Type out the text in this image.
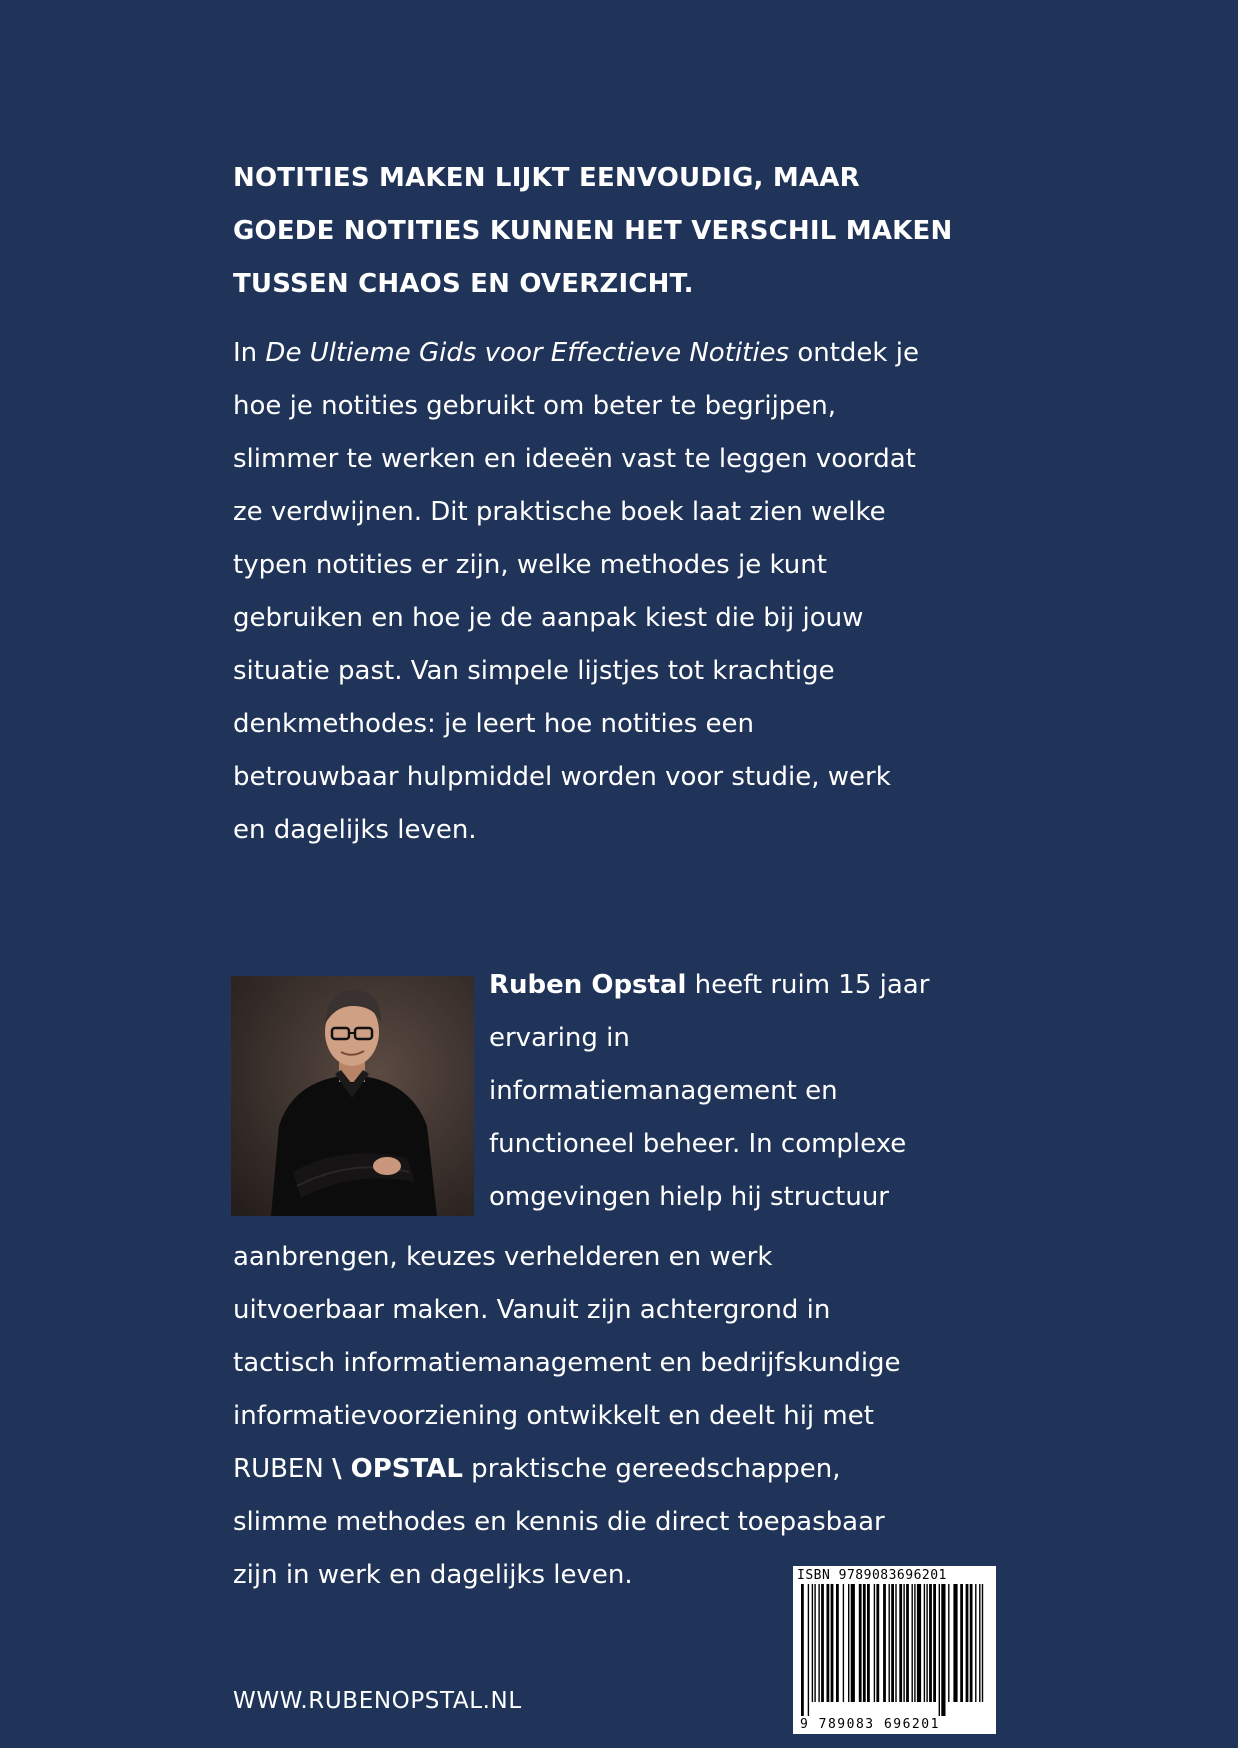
NOTITIES MAKEN LIJKT EENVOUDIG, MAAR
GOEDE NOTITIES KUNNEN HET VERSCHIL MAKEN
TUSSEN CHAOS EN OVERZICHT.

In De Ultieme Gids voor Effectieve Notities ontdek je
hoe je notities gebruikt om beter te begrijpen,
slimmer te werken en ideeën vast te leggen voordat
ze verdwijnen. Dit praktische boek laat zien welke
typen notities er zijn, welke methodes je kunt
gebruiken en hoe je de aanpak kiest die bij jouw
situatie past. Van simpele lijstjes tot krachtige
denkmethodes: je leert hoe notities een
betrouwbaar hulpmiddel worden voor studie, werk
en dagelijks leven.

Ruben Opstal heeft ruim 15 jaar
ervaring in
informatiemanagement en
functioneel beheer. In complexe
omgevingen hielp hij structuur

aanbrengen, keuzes verhelderen en werk
uitvoerbaar maken. Vanuit zijn achtergrond in
tactisch informatiemanagement en bedrijfskundige
informatievoorziening ontwikkelt en deelt hij met
RUBEN \ OPSTAL praktische gereedschappen,
slimme methodes en kennis die direct toepasbaar
zijn in werk en dagelijks leven.

WWW.RUBENOPSTAL.NL

ISBN 9789083696201
9 789083 696201
